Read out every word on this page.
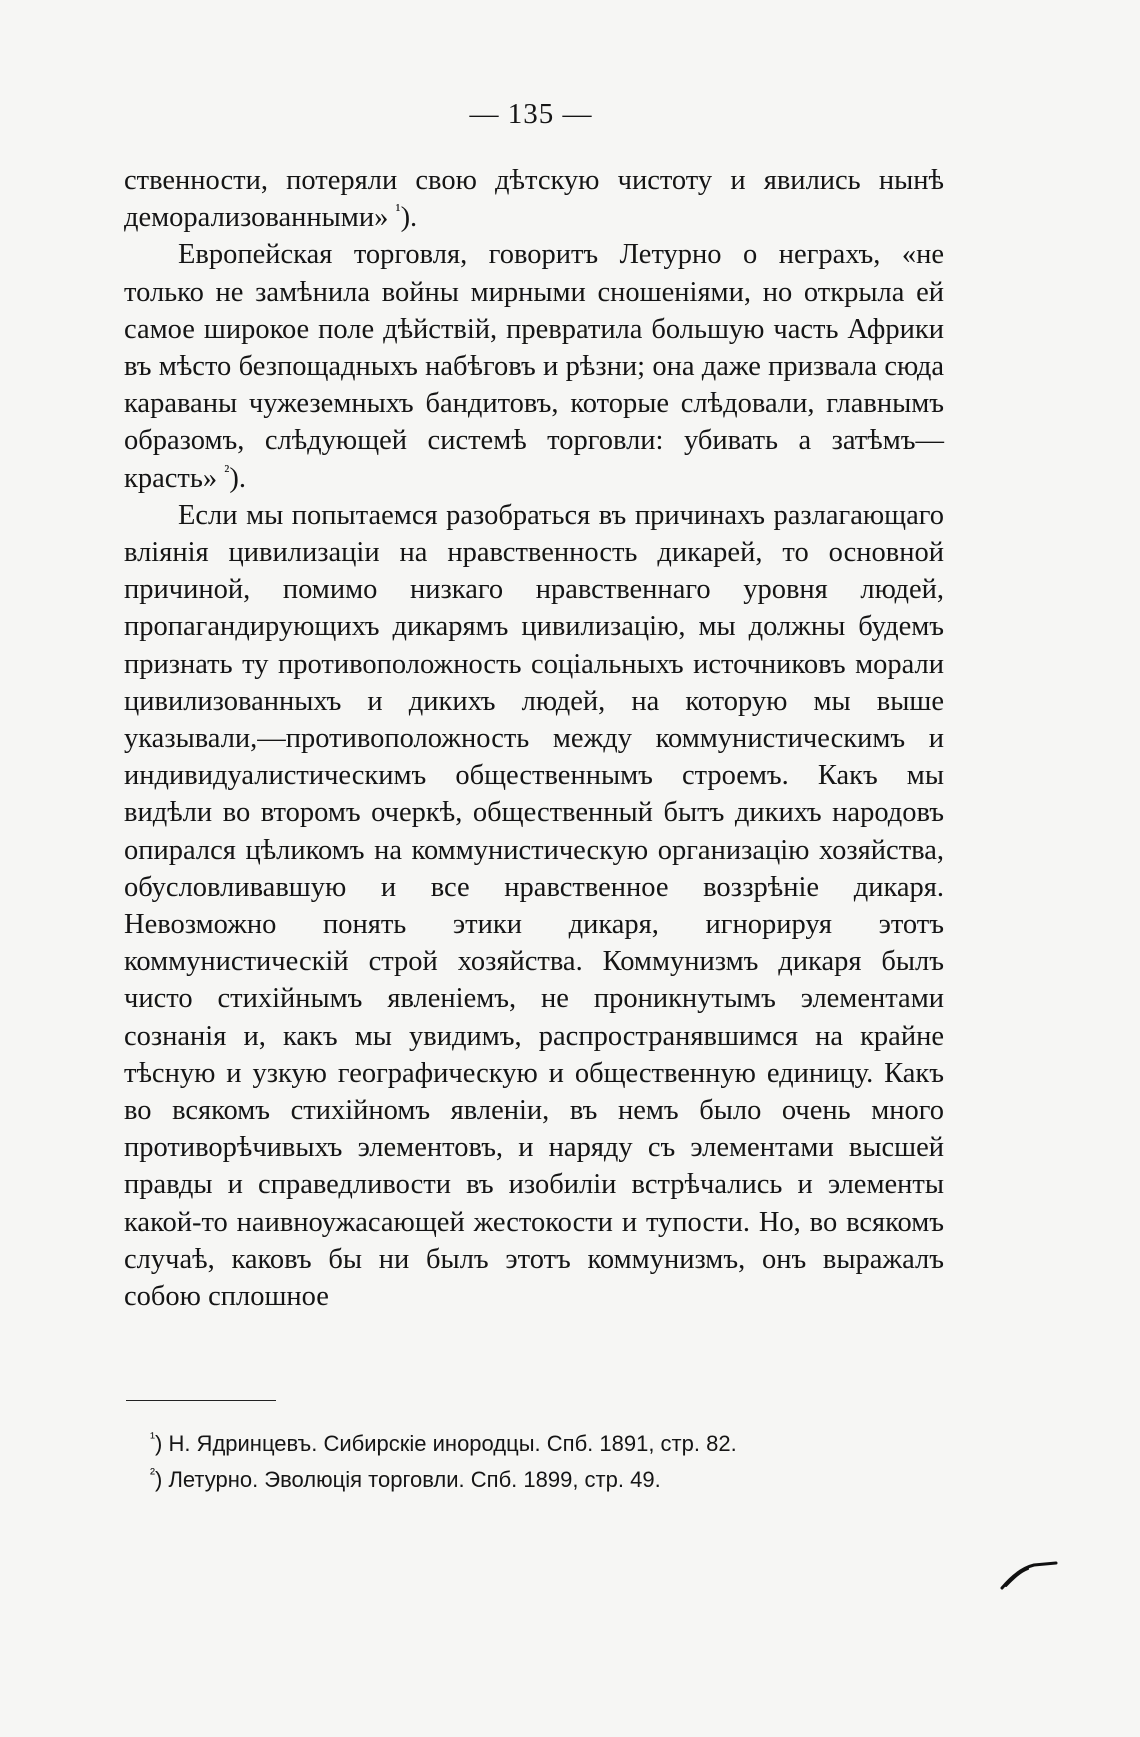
— 135 —

ственности, потеряли свою дѣтскую чистоту и явились нынѣ деморализованными» $^{^1}$).

Европейская торговля, говоритъ Летурно о неграхъ, «не только не замѣнила войны мирными сношеніями, но открыла ей самое широкое поле дѣйствій, превратила большую часть Африки въ мѣсто безпощадныхъ набѣговъ и рѣзни; она даже призвала сюда караваны чужеземныхъ бандитовъ, которые слѣдовали, главнымъ образомъ, слѣдующей системѣ торговли: убивать а затѣмъ—красть» $^{^2}$).

Если мы попытаемся разобраться въ причинахъ разлагающаго вліянія цивилизаціи на нравственность дикарей, то основной причиной, помимо низкаго нравственнаго уровня людей, пропагандирующихъ дикарямъ цивилизацію, мы должны будемъ признать ту противоположность соціальныхъ источниковъ морали цивилизованныхъ и дикихъ людей, на которую мы выше указывали,—противоположность между коммунистическимъ и индивидуалистическимъ общественнымъ строемъ. Какъ мы видѣли во второмъ очеркѣ, общественный бытъ дикихъ народовъ опирался цѣликомъ на коммунистическую организацію хозяйства, обусловливавшую и все нравственное воззрѣніе дикаря. Невозможно понять этики дикаря, игнорируя этотъ коммунистическій строй хозяйства. Коммунизмъ дикаря былъ чисто стихійнымъ явленіемъ, не проникнутымъ элементами сознанія и, какъ мы увидимъ, распространявшимся на крайне тѣсную и узкую географическую и общественную единицу. Какъ во всякомъ стихійномъ явленіи, въ немъ было очень много противорѣчивыхъ элементовъ, и наряду съ элементами высшей правды и справедливости въ изобиліи встрѣчались и элементы какой-то наивноужасающей жестокости и тупости. Но, во всякомъ случаѣ, каковъ бы ни былъ этотъ коммунизмъ, онъ выражалъ собою сплошное

$^{^1}$) Н. Ядринцевъ. Сибирскіе инородцы. Спб. 1891, стр. 82.
$^{^2}$) Летурно. Эволюція торговли. Спб. 1899, стр. 49.
